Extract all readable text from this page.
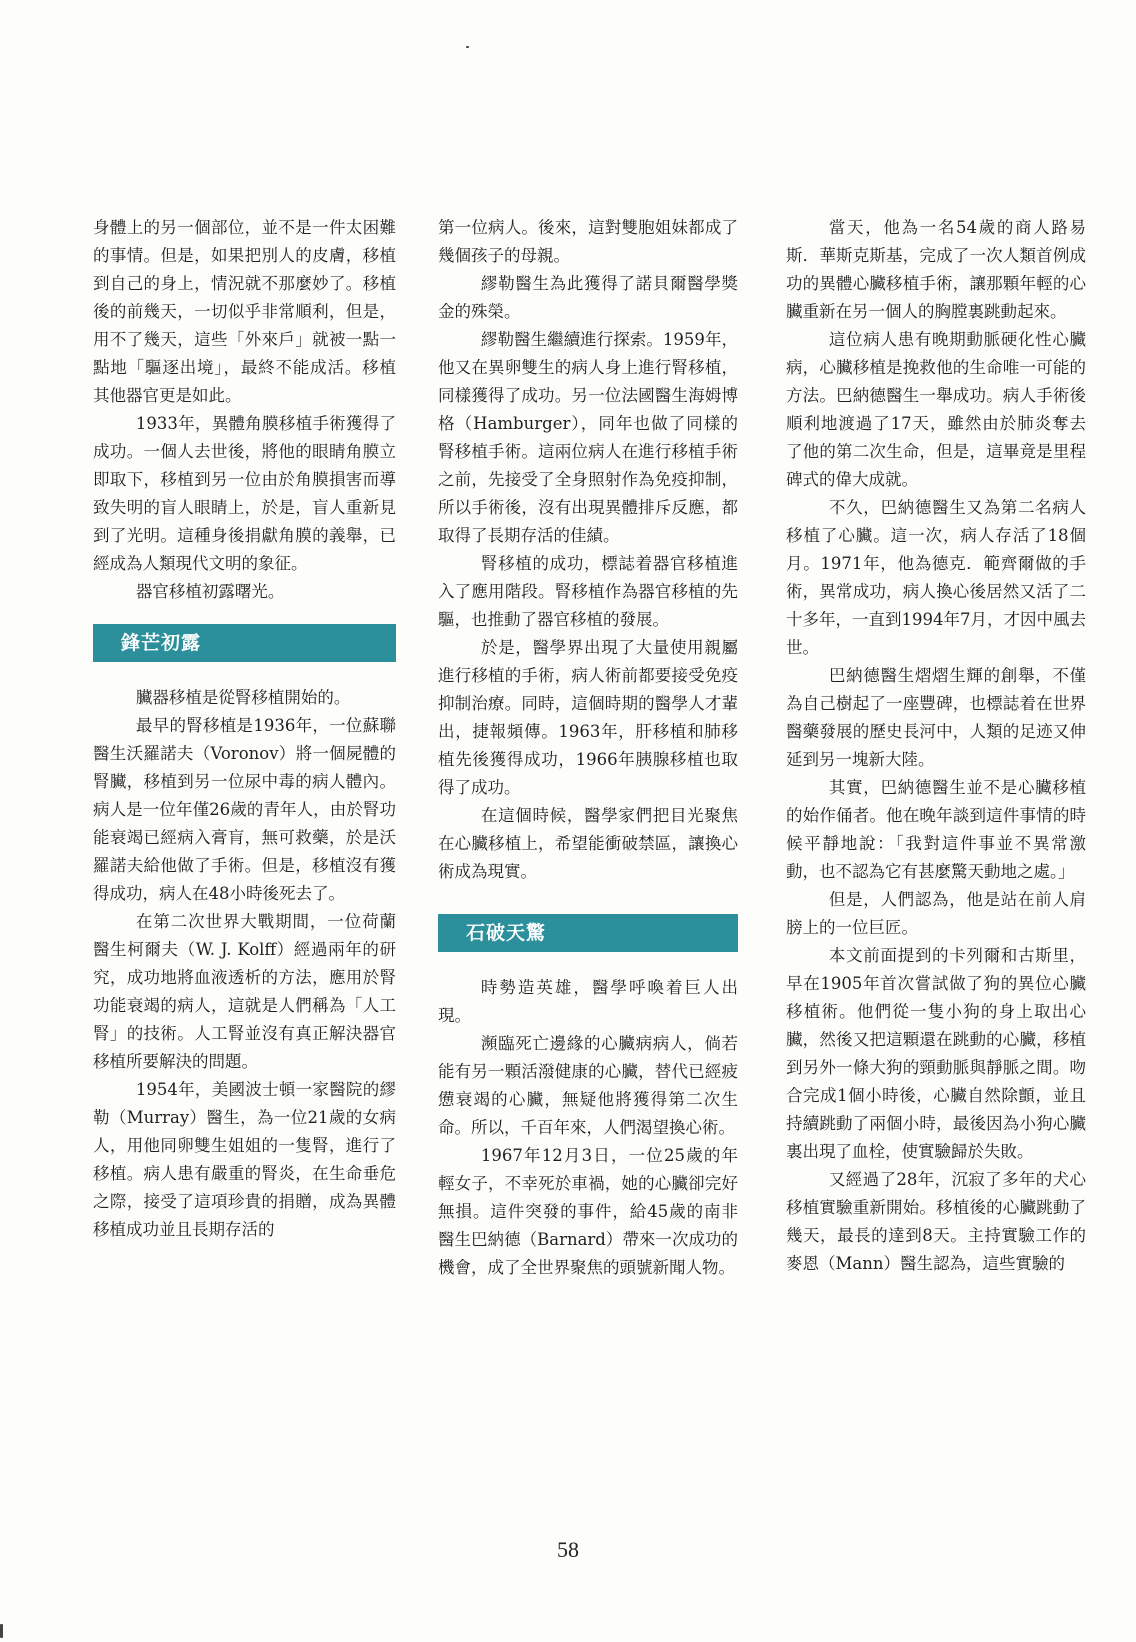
身體上的另一個部位，並不是一件太困難的事情。但是，如果把別人的皮膚，移植到自己的身上，情況就不那麼妙了。移植後的前幾天，一切似乎非常順利，但是，用不了幾天，這些「外來戶」就被一點一點地「驅逐出境」，最終不能成活。移植其他器官更是如此。

1933年，異體角膜移植手術獲得了成功。一個人去世後，將他的眼睛角膜立即取下，移植到另一位由於角膜損害而導致失明的盲人眼睛上，於是，盲人重新見到了光明。這種身後捐獻角膜的義舉，已經成為人類現代文明的象征。

器官移植初露曙光。

鋒芒初露

臟器移植是從腎移植開始的。

最早的腎移植是1936年，一位蘇聯醫生沃羅諾夫（Voronov）將一個屍體的腎臟，移植到另一位尿中毒的病人體內。病人是一位年僅26歲的青年人，由於腎功能衰竭已經病入膏肓，無可救藥，於是沃羅諾夫給他做了手術。但是，移植沒有獲得成功，病人在48小時後死去了。

在第二次世界大戰期間，一位荷蘭醫生柯爾夫（W. J. Kolff）經過兩年的研究，成功地將血液透析的方法，應用於腎功能衰竭的病人，這就是人們稱為「人工腎」的技術。人工腎並沒有真正解決器官移植所要解決的問題。

1954年，美國波士頓一家醫院的繆勒（Murray）醫生，為一位21歲的女病人，用他同卵雙生姐姐的一隻腎，進行了移植。病人患有嚴重的腎炎，在生命垂危之際，接受了這項珍貴的捐贈，成為異體移植成功並且長期存活的

第一位病人。後來，這對雙胞姐妹都成了幾個孩子的母親。

繆勒醫生為此獲得了諾貝爾醫學獎金的殊榮。

繆勒醫生繼續進行探索。1959年，他又在異卵雙生的病人身上進行腎移植，同樣獲得了成功。另一位法國醫生海姆博格（Hamburger），同年也做了同樣的腎移植手術。這兩位病人在進行移植手術之前，先接受了全身照射作為免疫抑制，所以手術後，沒有出現異體排斥反應，都取得了長期存活的佳績。

腎移植的成功，標誌着器官移植進入了應用階段。腎移植作為器官移植的先驅，也推動了器官移植的發展。

於是，醫學界出現了大量使用親屬進行移植的手術，病人術前都要接受免疫抑制治療。同時，這個時期的醫學人才輩出，捷報頻傳。1963年，肝移植和肺移植先後獲得成功，1966年胰腺移植也取得了成功。

在這個時候，醫學家們把目光聚焦在心臟移植上，希望能衝破禁區，讓換心術成為現實。

石破天驚

時勢造英雄，醫學呼喚着巨人出現。

瀕臨死亡邊緣的心臟病病人，倘若能有另一顆活潑健康的心臟，替代已經疲憊衰竭的心臟，無疑他將獲得第二次生命。所以，千百年來，人們渴望換心術。

1967年12月3日，一位25歲的年輕女子，不幸死於車禍，她的心臟卻完好無損。這件突發的事件，給45歲的南非醫生巴納德（Barnard）帶來一次成功的機會，成了全世界聚焦的頭號新聞人物。

當天，他為一名54歲的商人路易斯．華斯克斯基，完成了一次人類首例成功的異體心臟移植手術，讓那顆年輕的心臟重新在另一個人的胸膛裏跳動起來。

這位病人患有晚期動脈硬化性心臟病，心臟移植是挽救他的生命唯一可能的方法。巴納德醫生一舉成功。病人手術後順利地渡過了17天，雖然由於肺炎奪去了他的第二次生命，但是，這畢竟是里程碑式的偉大成就。

不久，巴納德醫生又為第二名病人移植了心臟。這一次，病人存活了18個月。1971年，他為德克．範齊爾做的手術，異常成功，病人換心後居然又活了二十多年，一直到1994年7月，才因中風去世。

巴納德醫生熠熠生輝的創舉，不僅為自己樹起了一座豐碑，也標誌着在世界醫藥發展的歷史長河中，人類的足迹又伸延到另一塊新大陸。

其實，巴納德醫生並不是心臟移植的始作俑者。他在晚年談到這件事情的時候平靜地說：「我對這件事並不異常激動，也不認為它有甚麼驚天動地之處。」

但是，人們認為，他是站在前人肩膀上的一位巨匠。

本文前面提到的卡列爾和古斯里，早在1905年首次嘗試做了狗的異位心臟移植術。他們從一隻小狗的身上取出心臟，然後又把這顆還在跳動的心臟，移植到另外一條大狗的頸動脈與靜脈之間。吻合完成1個小時後，心臟自然除顫，並且持續跳動了兩個小時，最後因為小狗心臟裏出現了血栓，使實驗歸於失敗。

又經過了28年，沉寂了多年的犬心移植實驗重新開始。移植後的心臟跳動了幾天，最長的達到8天。主持實驗工作的麥恩（Mann）醫生認為，這些實驗的

58
